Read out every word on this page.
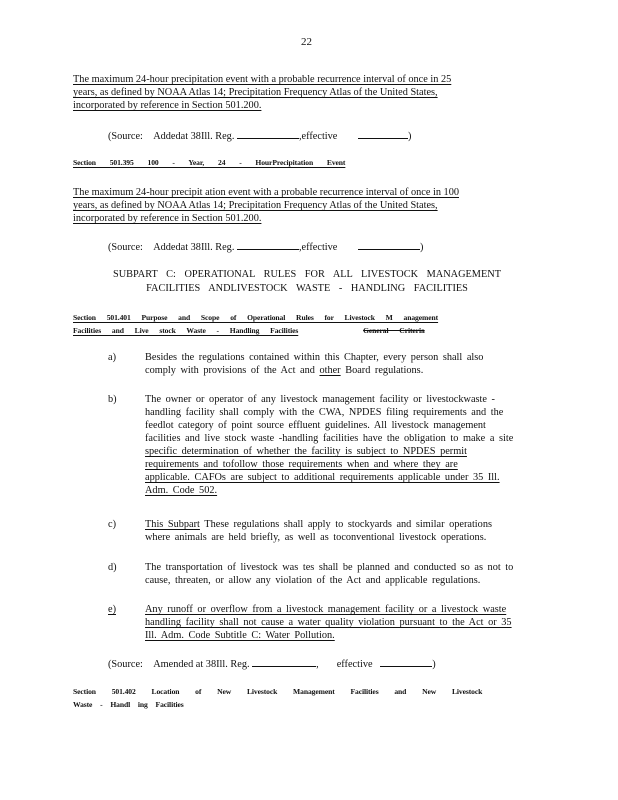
22
The maximum 24-hour precipitation event with a probable recurrence interval of once in 25
years, as defined by NOAA Atlas 14; Precipitation Frequency Atlas of the United States,
incorporated by reference in Section 501.200.
(Source: Addedat 38Ill. Reg.	,effective	)
Section 501.395 100 - Year, 24 - HourPrecipitation Event
The maximum 24-hour precipit ation event with a probable recurrence interval of once in 100
years, as defined by NOAA Atlas 14; Precipitation Frequency Atlas of the United States,
incorporated by reference in Section 501.200.
(Source: Addedat 38Ill. Reg.	,effective	)
SUBPART C: OPERATIONAL RULES FOR ALL LIVESTOCK MANAGEMENT
FACILITIES ANDLIVESTOCK WASTE - HANDLING FACILITIES
Section 501.401 Purpose and Scope of Operational Rules for Livestock M anagement
Facilities and Live stock Waste - Handling Facilities	General Criteria
a)	Besides the regulations contained within this Chapter, every person shall also
comply with provisions of the Act and other Board regulations.
b)	The owner or operator of any livestock management facility or livestockwaste -
handling facility shall comply with the CWA, NPDES filing requirements and the
feedlot category of point source effluent guidelines. All livestock management
facilities and live stock waste -handling facilities have the obligation to make a site
specific determination of whether the facility is subject to NPDES permit
requirements and tofollow those requirements when and where they are
applicable. CAFOs are subject to additional requirements applicable under 35 Ill.
Adm. Code 502.
c)	This Subpart These regulations shall apply to stockyards and similar operations
where animals are held briefly, as well as toconventional livestock operations.
d)	The transportation of livestock was tes shall be planned and conducted so as not to
cause, threaten, or allow any violation of the Act and applicable regulations.
e)	Any runoff or overflow from a livestock management facility or a livestock waste
handling facility shall not cause a water quality violation pursuant to the Act or 35
Ill. Adm. Code Subtitle C: Water Pollution.
(Source: Amended at 38Ill. Reg.	,       effective	)
Section 501.402 Location of New Livestock Management Facilities and New Livestock
Waste - Handl ing Facilities
